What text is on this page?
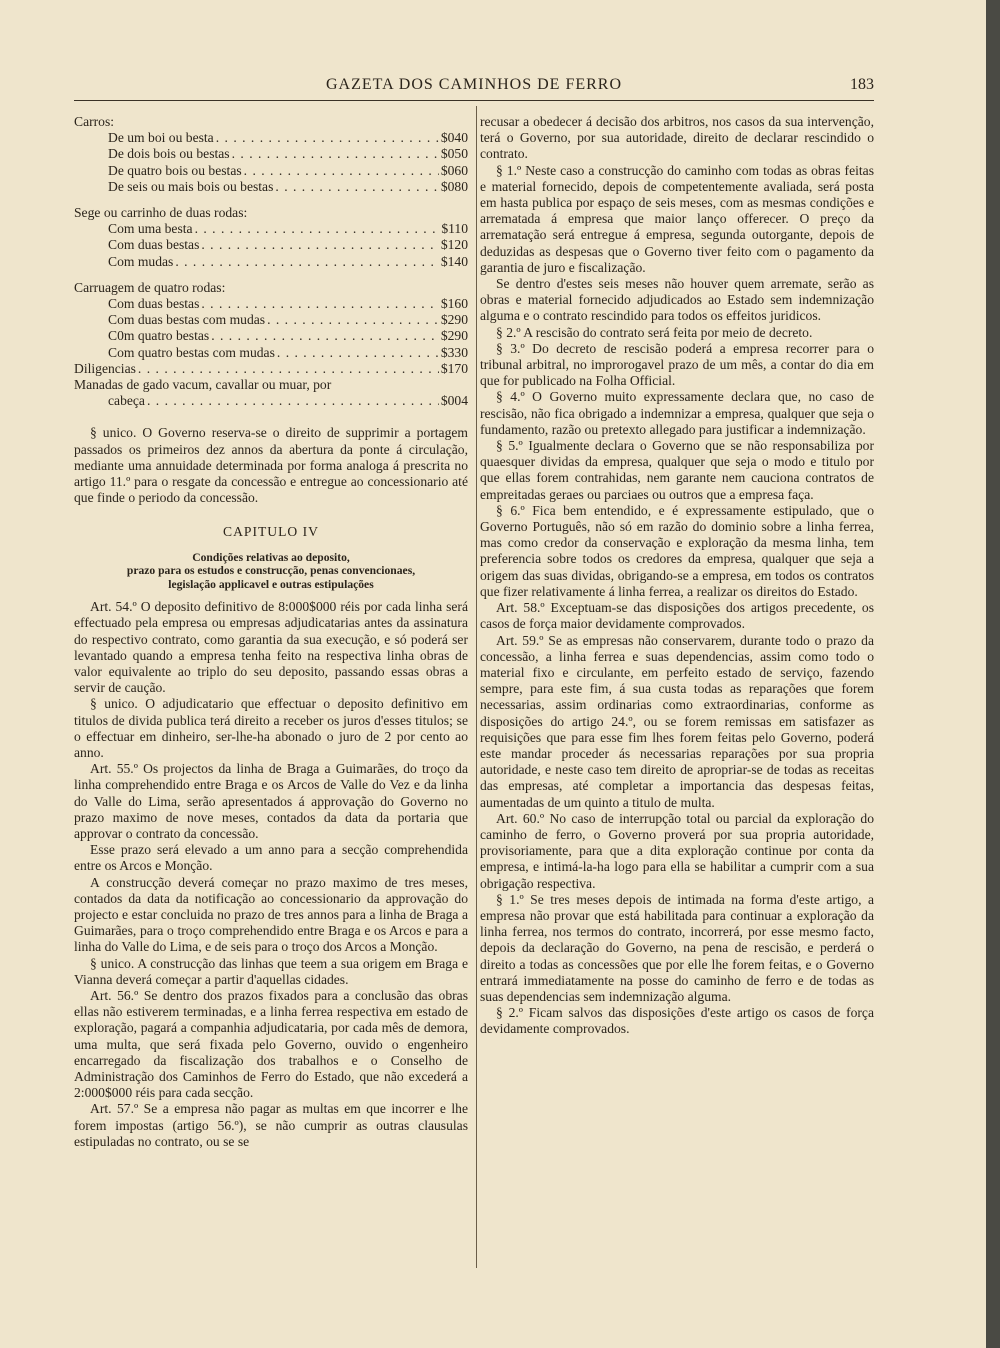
GAZETA DOS CAMINHOS DE FERRO	183
Carros:
De um boi ou besta . . .	$040
De dois bois ou bestas . . .	$050
De quatro bois ou bestas . . .	$060
De seis ou mais bois ou bestas . . .	$080
Sege ou carrinho de duas rodas:
Com uma besta . . .	$110
Com duas bestas . . .	$120
Com mudas . . .	$140
Carruagem de quatro rodas:
Com duas bestas . . .	$160
Com duas bestas com mudas . . .	$290
C0m quatro bestas . . .	$290
Com quatro bestas com mudas . . .	$330
Diligencias . . .	$170
Manadas de gado vacum, cavallar ou muar, por
cabeça . . .	$004

§ unico. O Governo reserva-se o direito de supprimir a portagem passados os primeiros dez annos da abertura da ponte á circulação, mediante uma annuidade determinada por forma analoga á prescrita no artigo 11.º para o resgate da concessão e entregue ao concessionario até que finde o periodo da concessão.

CAPITULO IV
Condições relativas ao deposito,
prazo para os estudos e construcção, penas convencionaes,
legislação applicavel e outras estipulações

Art. 54.º O deposito definitivo de 8:000$000 réis por cada linha será effectuado pela empresa ou empresas adjudicatarias antes da assinatura do respectivo contrato, como garantia da sua execução, e só poderá ser levantado quando a empresa tenha feito na respectiva linha obras de valor equivalente ao triplo do seu deposito, passando essas obras a servir de caução.

§ unico. O adjudicatario que effectuar o deposito definitivo em titulos de divida publica terá direito a receber os juros d'esses titulos; se o effectuar em dinheiro, ser-lhe-ha abonado o juro de 2 por cento ao anno.

Art. 55.º Os projectos da linha de Braga a Guimarães, do troço da linha comprehendido entre Braga e os Arcos de Valle do Vez e da linha do Valle do Lima, serão apresentados á approvação do Governo no prazo maximo de nove meses, contados da data da portaria que approvar o contrato da concessão.

Esse prazo será elevado a um anno para a secção comprehendida entre os Arcos e Monção.

A construcção deverá começar no prazo maximo de tres meses, contados da data da notificação ao concessionario da approvação do projecto e estar concluida no prazo de tres annos para a linha de Braga a Guimarães, para o troço comprehendido entre Braga e os Arcos e para a linha do Valle do Lima, e de seis para o troço dos Arcos a Monção.

§ unico. A construcção das linhas que teem a sua origem em Braga e Vianna deverá começar a partir d'aquellas cidades.

Art. 56.º Se dentro dos prazos fixados para a conclusão das obras ellas não estiverem terminadas, e a linha ferrea respectiva em estado de exploração, pagará a companhia adjudicataria, por cada mês de demora, uma multa, que será fixada pelo Governo, ouvido o engenheiro encarregado da fiscalização dos trabalhos e o Conselho de Administração dos Caminhos de Ferro do Estado, que não excederá a 2:000$000 réis para cada secção.

Art. 57.º Se a empresa não pagar as multas em que incorrer e lhe forem impostas (artigo 56.º), se não cumprir as outras clausulas estipuladas no contrato, ou se se

recusar a obedecer á decisão dos arbitros, nos casos da sua intervenção, terá o Governo, por sua autoridade, direito de declarar rescindido o contrato.

§ 1.º Neste caso a construcção do caminho com todas as obras feitas e material fornecido, depois de competentemente avaliada, será posta em hasta publica por espaço de seis meses, com as mesmas condições e arrematada á empresa que maior lanço offerecer. O preço da arrematação será entregue á empresa, segunda outorgante, depois de deduzidas as despesas que o Governo tiver feito com o pagamento da garantia de juro e fiscalização.

Se dentro d'estes seis meses não houver quem arremate, serão as obras e material fornecido adjudicados ao Estado sem indemnização alguma e o contrato rescindido para todos os effeitos juridicos.

§ 2.º A rescisão do contrato será feita por meio de decreto.

§ 3.º Do decreto de rescisão poderá a empresa recorrer para o tribunal arbitral, no improrogavel prazo de um mês, a contar do dia em que for publicado na Folha Official.

§ 4.º O Governo muito expressamente declara que, no caso de rescisão, não fica obrigado a indemnizar a empresa, qualquer que seja o fundamento, razão ou pretexto allegado para justificar a indemnização.

§ 5.º Igualmente declara o Governo que se não responsabiliza por quaesquer dividas da empresa, qualquer que seja o modo e titulo por que ellas forem contrahidas, nem garante nem cauciona contratos de empreitadas geraes ou parciaes ou outros que a empresa faça.

§ 6.º Fica bem entendido, e é expressamente estipulado, que o Governo Português, não só em razão do dominio sobre a linha ferrea, mas como credor da conservação e exploração da mesma linha, tem preferencia sobre todos os credores da empresa, qualquer que seja a origem das suas dividas, obrigando-se a empresa, em todos os contratos que fizer relativamente á linha ferrea, a realizar os direitos do Estado.

Art. 58.º Exceptuam-se das disposições dos artigos precedente, os casos de força maior devidamente comprovados.

Art. 59.º Se as empresas não conservarem, durante todo o prazo da concessão, a linha ferrea e suas dependencias, assim como todo o material fixo e circulante, em perfeito estado de serviço, fazendo sempre, para este fim, á sua custa todas as reparações que forem necessarias, assim ordinarias como extraordinarias, conforme as disposições do artigo 24.º, ou se forem remissas em satisfazer as requisições que para esse fim lhes forem feitas pelo Governo, poderá este mandar proceder ás necessarias reparações por sua propria autoridade, e neste caso tem direito de apropriar-se de todas as receitas das empresas, até completar a importancia das despesas feitas, aumentadas de um quinto a titulo de multa.

Art. 60.º No caso de interrupção total ou parcial da exploração do caminho de ferro, o Governo proverá por sua propria autoridade, provisoriamente, para que a dita exploração continue por conta da empresa, e intimá-la-ha logo para ella se habilitar a cumprir com a sua obrigação respectiva.

§ 1.º Se tres meses depois de intimada na forma d'este artigo, a empresa não provar que está habilitada para continuar a exploração da linha ferrea, nos termos do contrato, incorrerá, por esse mesmo facto, depois da declaração do Governo, na pena de rescisão, e perderá o direito a todas as concessões que por elle lhe forem feitas, e o Governo entrará immediatamente na posse do caminho de ferro e de todas as suas dependencias sem indemnização alguma.

§ 2.º Ficam salvos das disposições d'este artigo os casos de força devidamente comprovados.
